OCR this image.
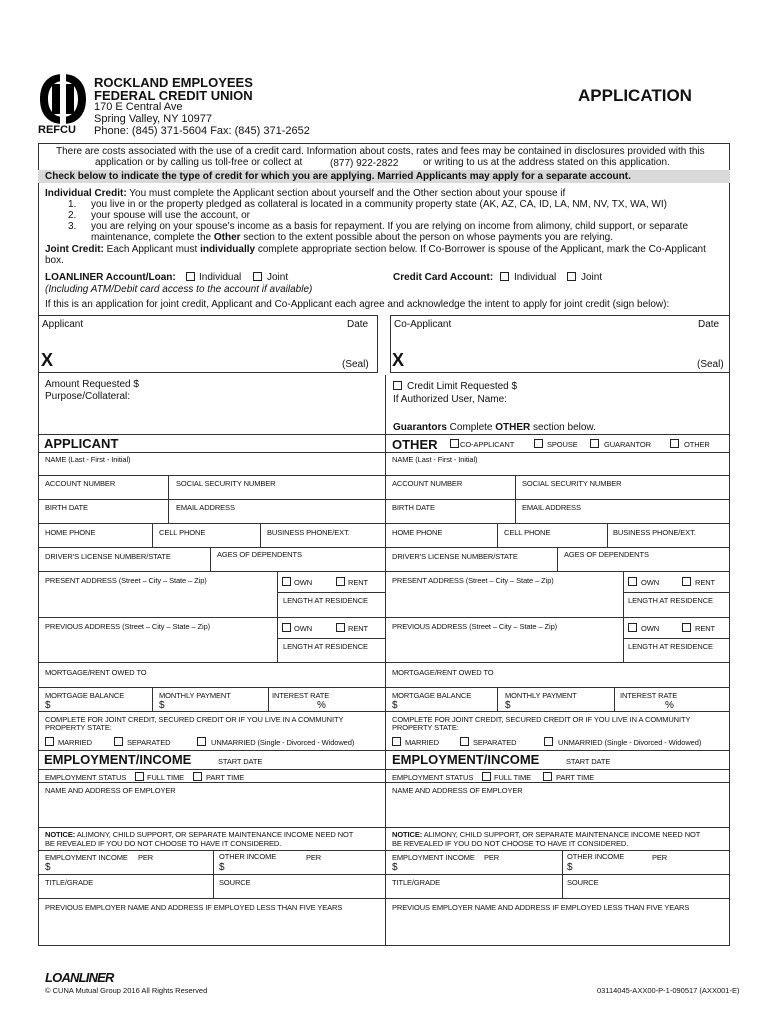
REFCU
ROCKLAND EMPLOYEES
FEDERAL CREDIT UNION
170 E Central Ave
Spring Valley, NY 10977
Phone: (845) 371-5604 Fax: (845) 371-2652
APPLICATION
There are costs associated with the use of a credit card. Information about costs, rates and fees may be contained in disclosures provided with this
application or by calling us toll-free or collect at	(877) 922-2822 or writing to us at the address stated on this application.
Check below to indicate the type of credit for which you are applying. Married Applicants may apply for a separate account.
Individual Credit: You must complete the Applicant section about yourself and the Other section about your spouse if
1. you live in or the property pledged as collateral is located in a community property state (AK, AZ, CA, ID, LA, NM, NV, TX, WA, WI)
2. your spouse will use the account, or
3. you are relying on your spouse's income as a basis for repayment. If you are relying on income from alimony, child support, or separate
maintenance, complete the Other section to the extent possible about the person on whose payments you are relying.
Joint Credit: Each Applicant must individually complete appropriate section below. If Co-Borrower is spouse of the Applicant, mark the Co-Applicant
box.
LOANLINER Account/Loan: Individual	Joint
(Including ATM/Debit card access to the account if available)
Credit Card Account: Individual Joint
If this is an application for joint credit, Applicant and Co-Applicant each agree and acknowledge the intent to apply for joint credit (sign below):
Applicant	Date
X	(Seal)
Co-Applicant	Date
X	(Seal)
Amount Requested $
Purpose/Collateral:
Credit Limit Requested $
If Authorized User, Name:
Guarantors Complete OTHER section below.
APPLICANT	OTHER	CO-APPLICANT	SPOUSE	GUARANTOR	OTHER
NAME (Last - First - Initial)
ACCOUNT NUMBER	SOCIAL SECURITY NUMBER
BIRTH DATE	EMAIL ADDRESS
HOME PHONE	CELL PHONE	BUSINESS PHONE/EXT.
DRIVER'S LICENSE NUMBER/STATE	AGES OF DEPENDENTS
PRESENT ADDRESS (Street – City – State – Zip)	OWN	RENT
LENGTH AT RESIDENCE
PREVIOUS ADDRESS (Street – City – State – Zip)	OWN	RENT
LENGTH AT RESIDENCE
MORTGAGE/RENT OWED TO
MORTGAGE BALANCE
$
MONTHLY PAYMENT
$
INTEREST RATE
%
COMPLETE FOR JOINT CREDIT, SECURED CREDIT OR IF YOU LIVE IN A COMMUNITY
PROPERTY STATE:
MARRIED	SEPARATED	UNMARRIED (Single - Divorced - Widowed)
EMPLOYMENT/INCOME	START DATE
EMPLOYMENT STATUS	FULL TIME	PART TIME
NAME AND ADDRESS OF EMPLOYER
NOTICE: ALIMONY, CHILD SUPPORT, OR SEPARATE MAINTENANCE INCOME NEED NOT
BE REVEALED IF YOU DO NOT CHOOSE TO HAVE IT CONSIDERED.
EMPLOYMENT INCOME PER
$
OTHER INCOME	PER
$
TITLE/GRADE	SOURCE
PREVIOUS EMPLOYER NAME AND ADDRESS IF EMPLOYED LESS THAN FIVE YEARS
NAME (Last - First - Initial)
ACCOUNT NUMBER	SOCIAL SECURITY NUMBER
BIRTH DATE	EMAIL ADDRESS
HOME PHONE	CELL PHONE	BUSINESS PHONE/EXT.
DRIVER'S LICENSE NUMBER/STATE	AGES OF DEPENDENTS
PRESENT ADDRESS (Street – City – State – Zip)	OWN	RENT
LENGTH AT RESIDENCE
PREVIOUS ADDRESS (Street – City – State – Zip)	OWN	RENT
LENGTH AT RESIDENCE
MORTGAGE/RENT OWED TO
MORTGAGE BALANCE
$
MONTHLY PAYMENT
$
INTEREST RATE
%
COMPLETE FOR JOINT CREDIT, SECURED CREDIT OR IF YOU LIVE IN A COMMUNITY
PROPERTY STATE:
MARRIED	SEPARATED	UNMARRIED (Single - Divorced - Widowed)
EMPLOYMENT/INCOME	START DATE
EMPLOYMENT STATUS	FULL TIME	PART TIME
NAME AND ADDRESS OF EMPLOYER
NOTICE: ALIMONY, CHILD SUPPORT, OR SEPARATE MAINTENANCE INCOME NEED NOT
BE REVEALED IF YOU DO NOT CHOOSE TO HAVE IT CONSIDERED.
EMPLOYMENT INCOME PER
$
OTHER INCOME	PER
$
TITLE/GRADE	SOURCE
PREVIOUS EMPLOYER NAME AND ADDRESS IF EMPLOYED LESS THAN FIVE YEARS
LOANLINER
© CUNA Mutual Group 2016 All Rights Reserved	03114045-AXX00-P-1-090517 (AXX001-E)
